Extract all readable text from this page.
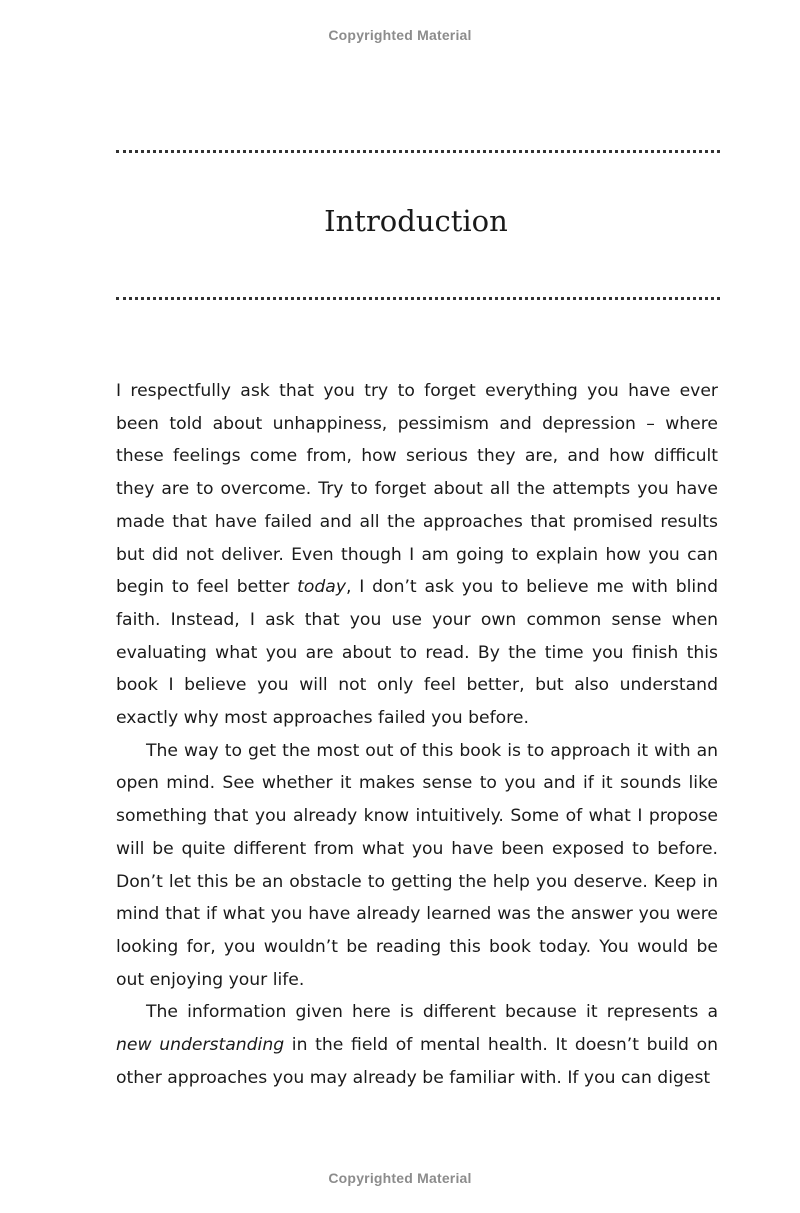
Copyrighted Material
Introduction

I respectfully ask that you try to forget everything you have ever been told about unhappiness, pessimism and depression – where these feelings come from, how serious they are, and how difficult they are to overcome. Try to forget about all the attempts you have made that have failed and all the approaches that promised results but did not deliver. Even though I am going to explain how you can begin to feel better today, I don’t ask you to believe me with blind faith. Instead, I ask that you use your own common sense when evaluating what you are about to read. By the time you finish this book I believe you will not only feel better, but also understand exactly why most approaches failed you before.

The way to get the most out of this book is to approach it with an open mind. See whether it makes sense to you and if it sounds like something that you already know intuitively. Some of what I propose will be quite different from what you have been exposed to before. Don’t let this be an obstacle to getting the help you deserve. Keep in mind that if what you have already learned was the answer you were looking for, you wouldn’t be reading this book today. You would be out enjoying your life.

The information given here is different because it represents a new understanding in the field of mental health. It doesn’t build on other approaches you may already be familiar with. If you can digest

Copyrighted Material
